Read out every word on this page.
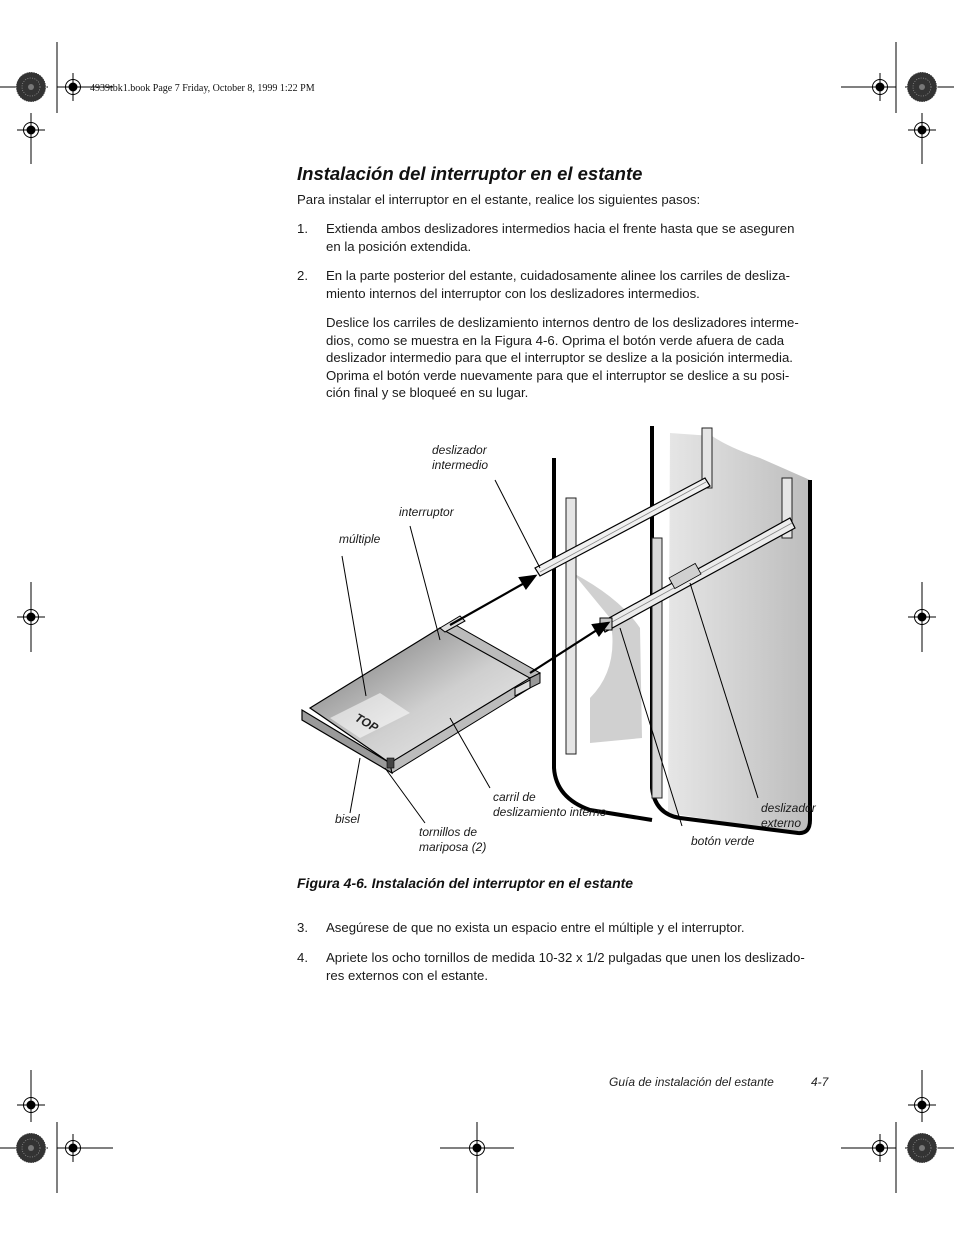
4939tbk1.book Page 7 Friday, October 8, 1999 1:22 PM
Instalación del interruptor en el estante

Para instalar el interruptor en el estante, realice los siguientes pasos:

1. Extienda ambos deslizadores intermedios hacia el frente hasta que se aseguren
en la posición extendida.
2. En la parte posterior del estante, cuidadosamente alinee los carriles de desliza-
miento internos del interruptor con los deslizadores intermedios.
Deslice los carriles de deslizamiento internos dentro de los deslizadores interme-
dios, como se muestra en la Figura 4-6. Oprima el botón verde afuera de cada
deslizador intermedio para que el interruptor se deslize a la posición intermedia.
Oprima el botón verde nuevamente para que el interruptor se deslice a su posi-
ción final y se bloqueé en su lugar.
TOP
deslizador
intermedio
interruptor
múltiple
bisel
tornillos de
mariposa (2)
carril de
deslizamiento interno	deslizador
externo
botón verde

Figura 4-6. Instalación del interruptor en el estante

3. Asegúrese de que no exista un espacio entre el múltiple y el interruptor.
4. Apriete los ocho tornillos de medida 10-32 x 1/2 pulgadas que unen los deslizado-
res externos con el estante.
Guía de instalación del estante	4-7
